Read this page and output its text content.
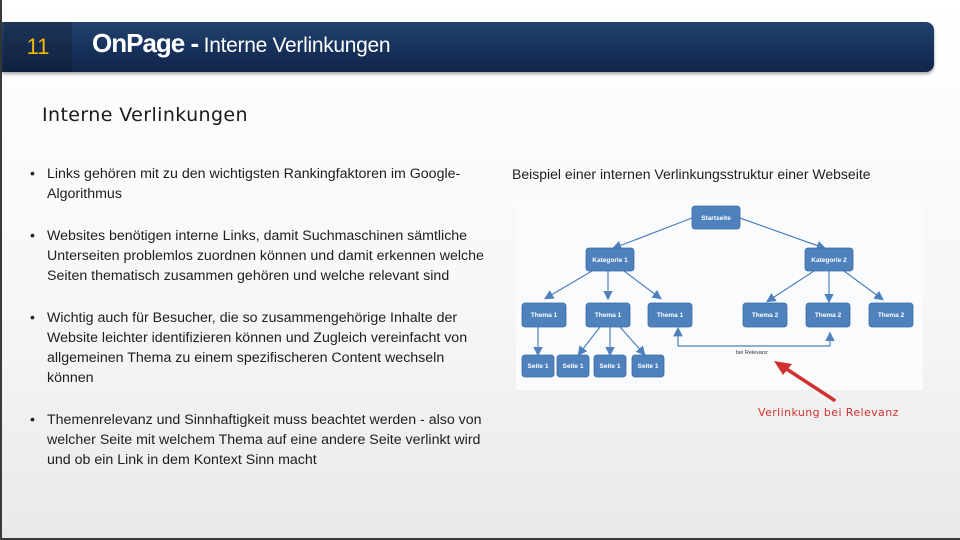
11	OnPage - Interne Verlinkungen
Interne Verlinkungen
• Links gehören mit zu den wichtigsten Rankingfaktoren im Google-Algorithmus
• Websites benötigen interne Links, damit Suchmaschinen sämtliche Unterseiten problemlos zuordnen können und damit erkennen welche Seiten thematisch zusammen gehören und welche relevant sind
• Wichtig auch für Besucher, die so zusammengehörige Inhalte der Website leichter identifizieren können und Zugleich vereinfacht von allgemeinen Thema zu einem spezifischeren Content wechseln können
• Themenrelevanz und Sinnhaftigkeit muss beachtet werden - also von welcher Seite mit welchem Thema auf eine andere Seite verlinkt wird und ob ein Link in dem Kontext Sinn macht
Beispiel einer internen Verlinkungsstruktur einer Webseite
Startseite
Kategorie 1	Kategorie 2
Thema 1	Thema 1	Thema 1	Thema 2	Thema 2	Thema 2
Seite 1 Seite 1 Seite 1	Seite 1
bei Relevanz
Verlinkung bei Relevanz
